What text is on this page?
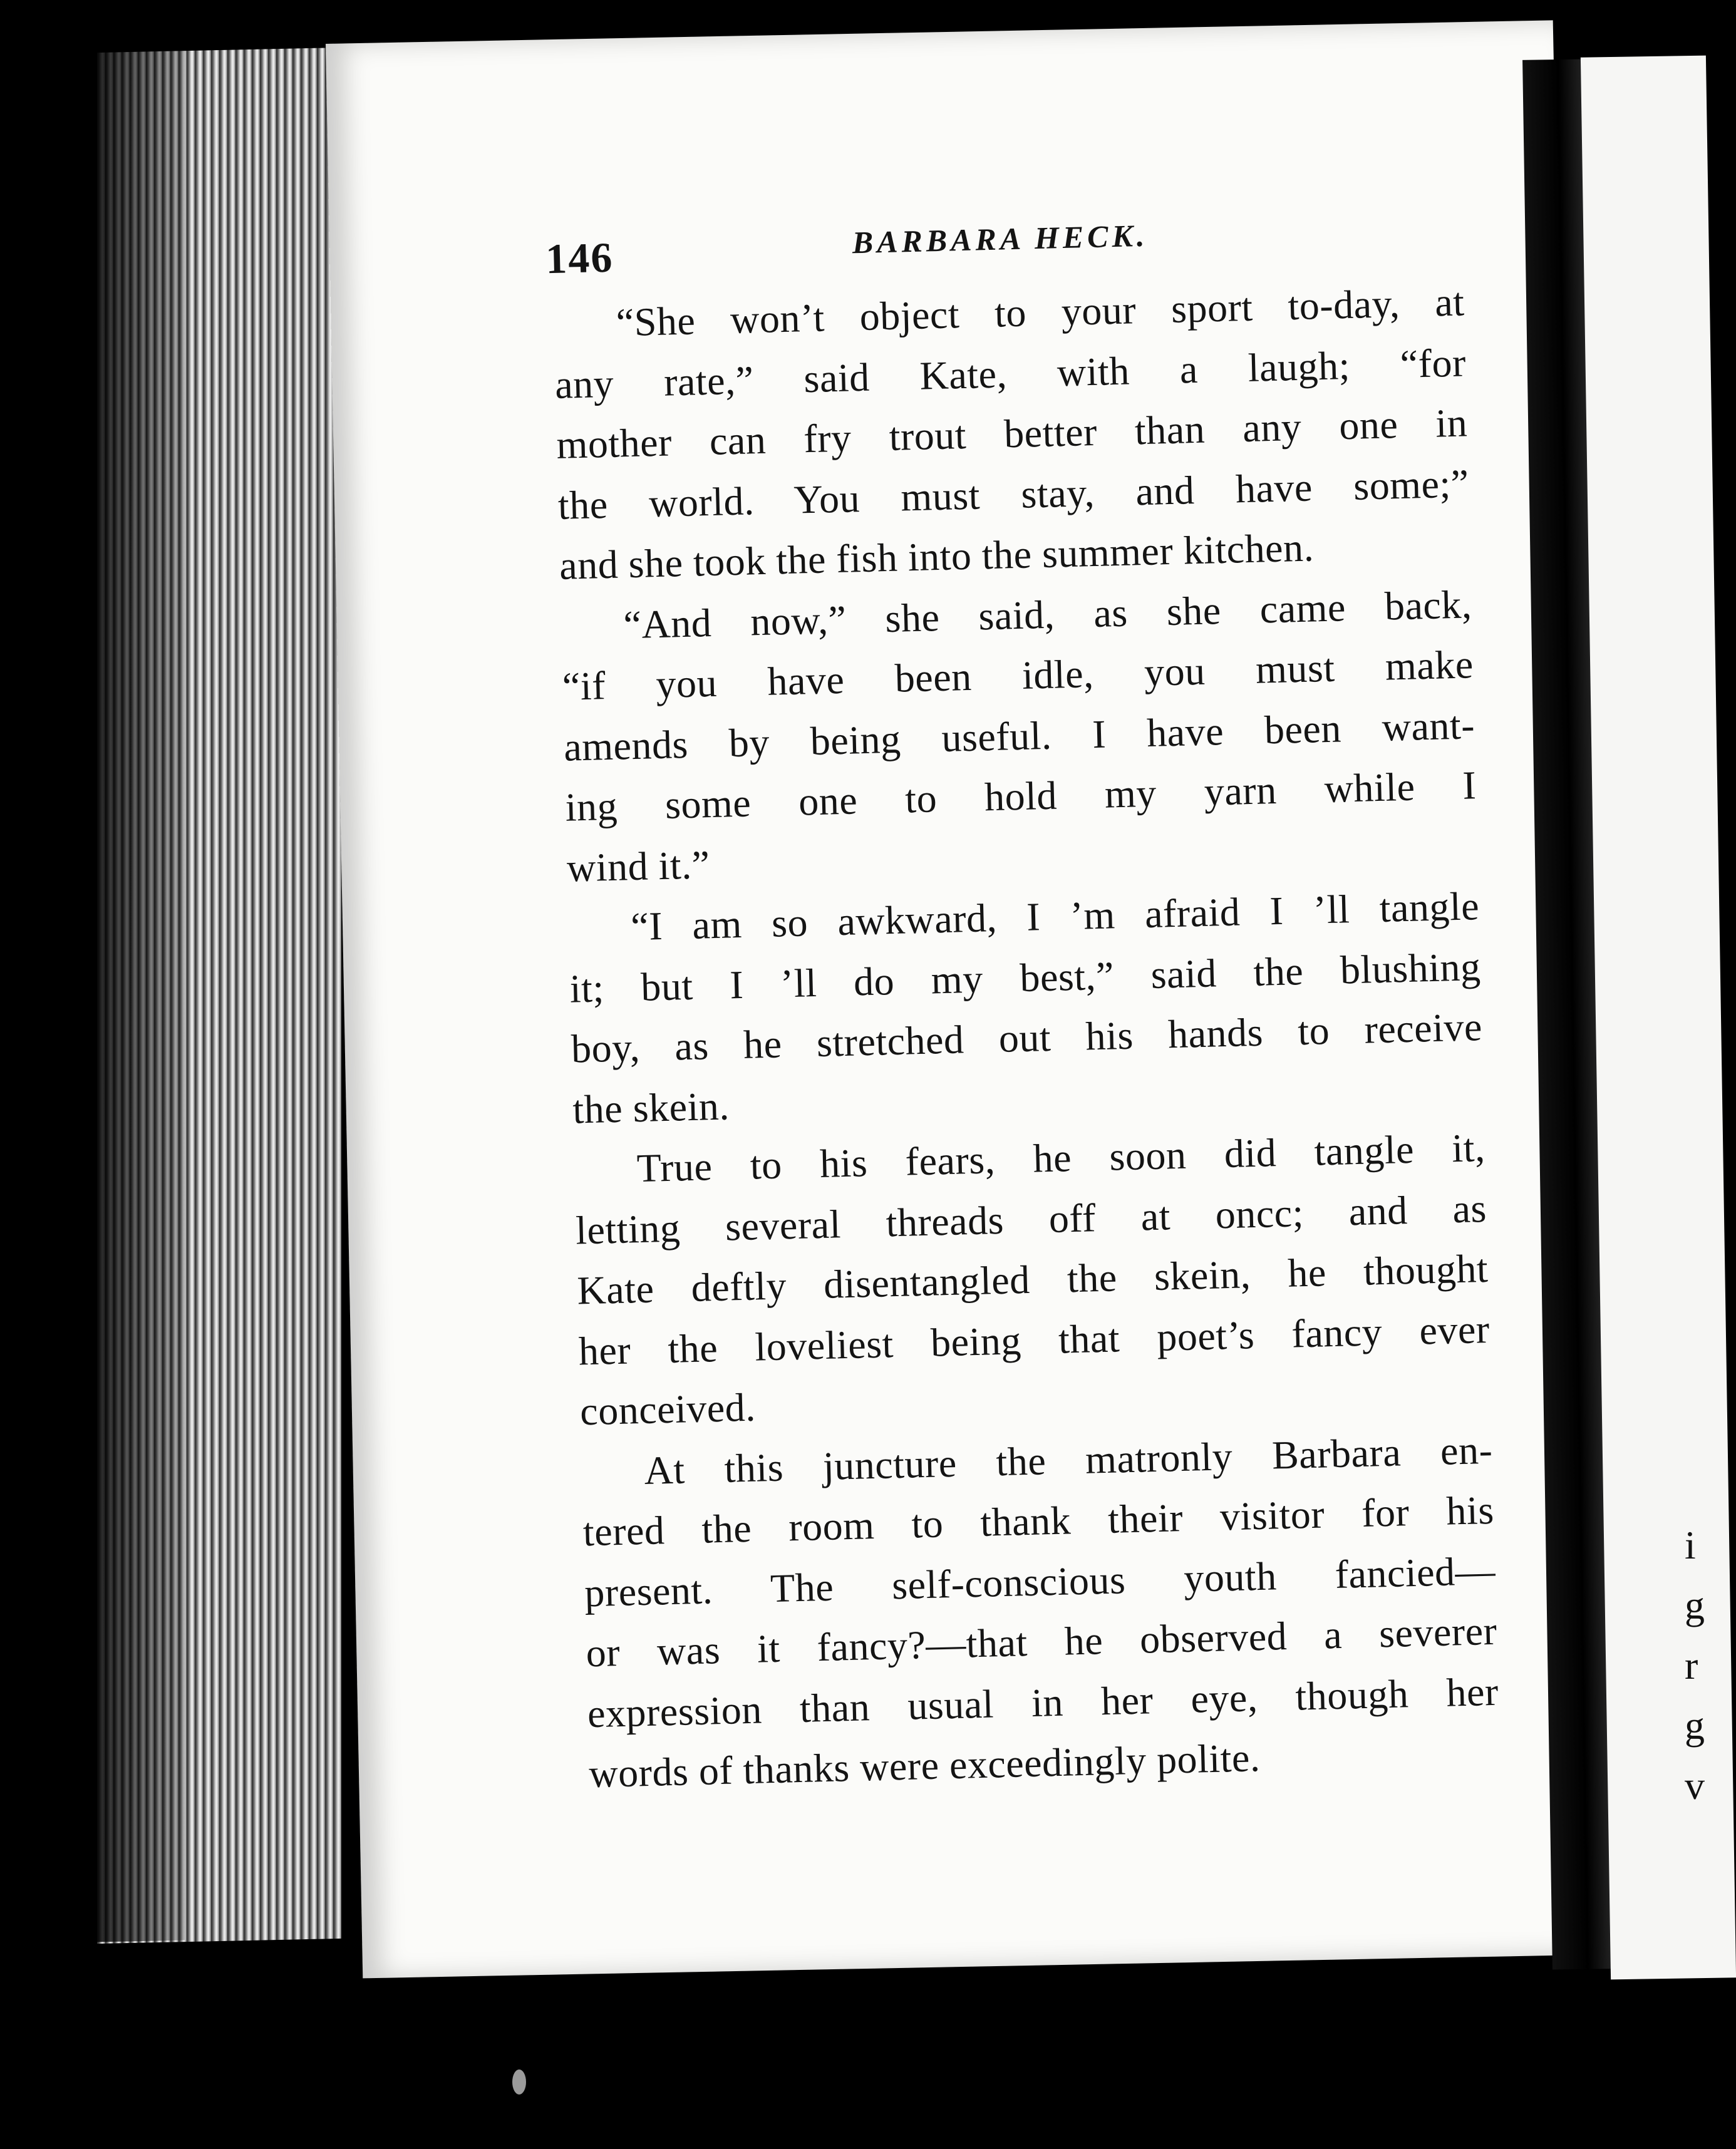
i
g
r
g
v
146	BARBARA HECK.
“She won’t object to your sport to-day, at
any rate,” said Kate, with a laugh; “for
mother can fry trout better than any one in
the world. You must stay, and have some;”
and she took the fish into the summer kitchen.
“And now,” she said, as she came back,
“if you have been idle, you must make
amends by being useful. I have been want-
ing some one to hold my yarn while I
wind it.”
“I am so awkward, I ’m afraid I ’ll tangle
it; but I ’ll do my best,” said the blushing
boy, as he stretched out his hands to receive
the skein.
True to his fears, he soon did tangle it,
letting several threads off at oncc; and as
Kate deftly disentangled the skein, he thought
her the loveliest being that poet’s fancy ever
conceived.
At this juncture the matronly Barbara en-
tered the room to thank their visitor for his
present. The self-conscious youth fancied—
or was it fancy?—that he observed a severer
expression than usual in her eye, though her
words of thanks were exceedingly polite.
